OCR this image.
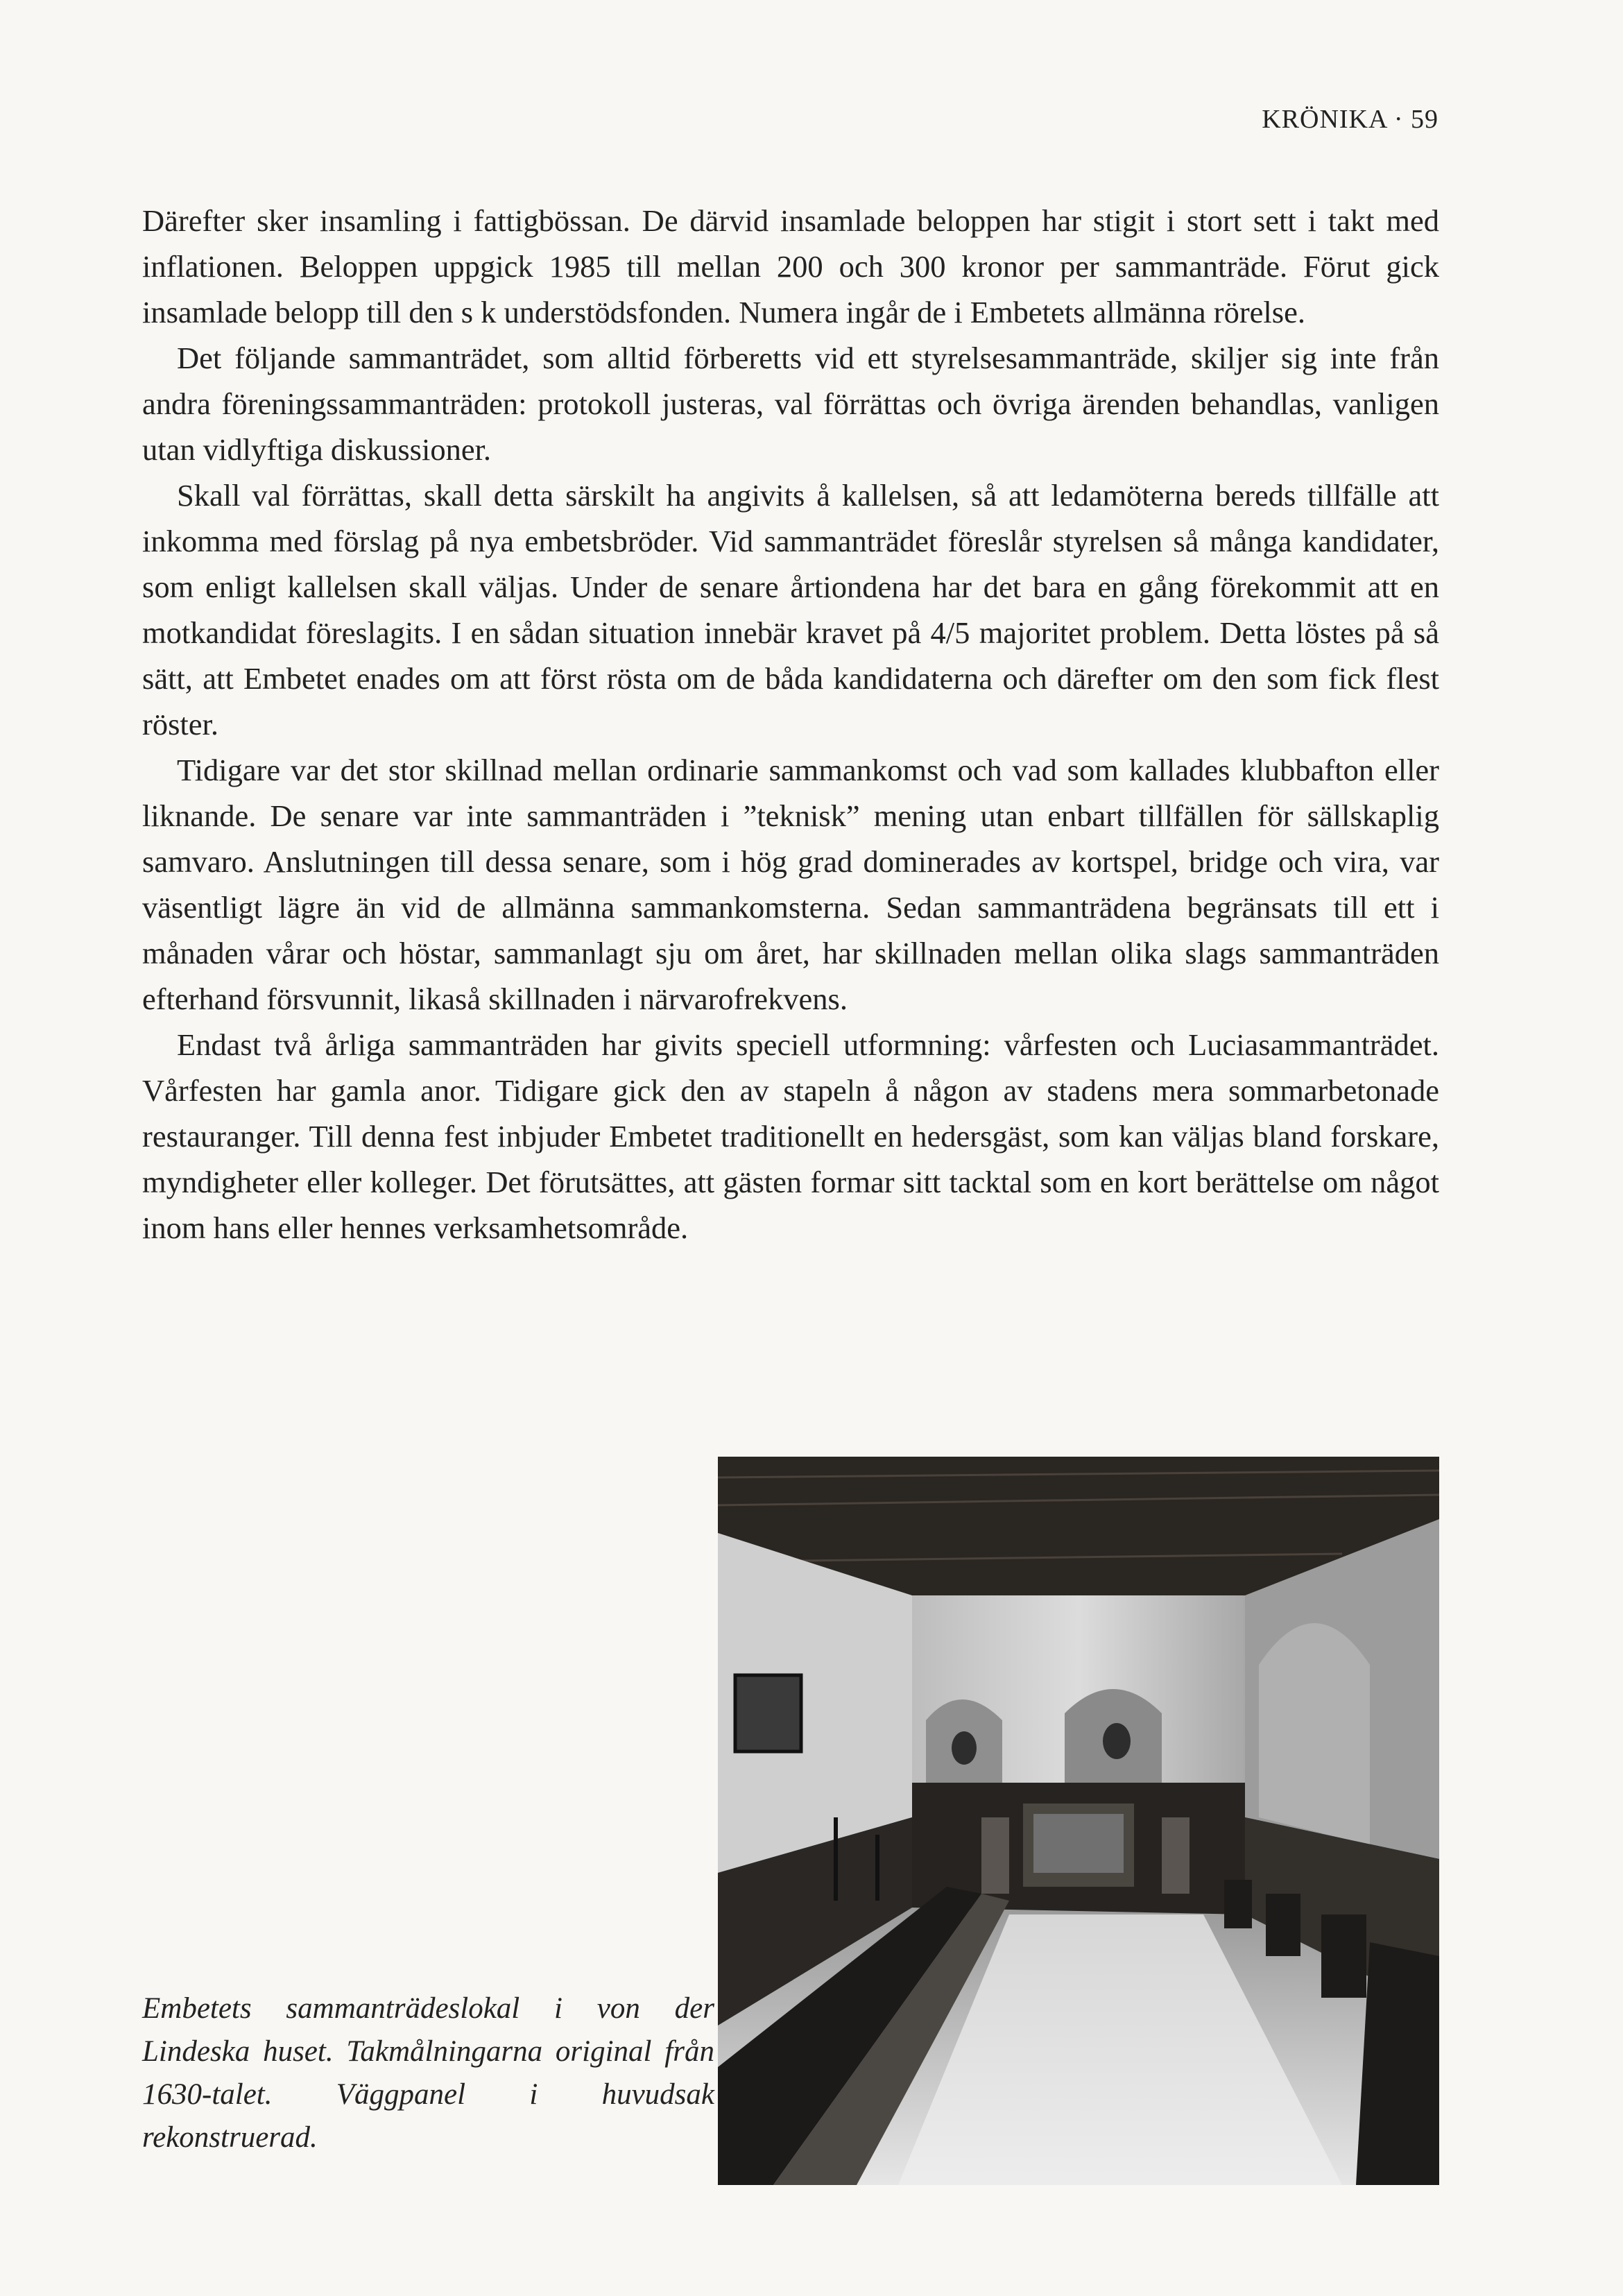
KRÖNIKA · 59

Därefter sker insamling i fattigbössan. De därvid insamlade beloppen har stigit i stort sett i takt med inflationen. Beloppen uppgick 1985 till mellan 200 och 300 kronor per sammanträde. Förut gick insamlade belopp till den s k understödsfonden. Numera ingår de i Embetets allmänna rörelse.

Det följande sammanträdet, som alltid förberetts vid ett styrelsesammanträde, skiljer sig inte från andra föreningssammanträden: protokoll justeras, val förrättas och övriga ärenden behandlas, vanligen utan vidlyftiga diskussioner.

Skall val förrättas, skall detta särskilt ha angivits å kallelsen, så att ledamöterna bereds tillfälle att inkomma med förslag på nya embetsbröder. Vid sammanträdet föreslår styrelsen så många kandidater, som enligt kallelsen skall väljas. Under de senare årtiondena har det bara en gång förekommit att en motkandidat föreslagits. I en sådan situation innebär kravet på 4/5 majoritet problem. Detta löstes på så sätt, att Embetet enades om att först rösta om de båda kandidaterna och därefter om den som fick flest röster.

Tidigare var det stor skillnad mellan ordinarie sammankomst och vad som kallades klubbafton eller liknande. De senare var inte sammanträden i ”teknisk” mening utan enbart tillfällen för sällskaplig samvaro. Anslutningen till dessa senare, som i hög grad dominerades av kortspel, bridge och vira, var väsentligt lägre än vid de allmänna sammankomsterna. Sedan sammanträdena begränsats till ett i månaden vårar och höstar, sammanlagt sju om året, har skillnaden mellan olika slags sammanträden efterhand försvunnit, likaså skillnaden i närvarofrekvens.

Endast två årliga sammanträden har givits speciell utformning: vårfesten och Luciasammanträdet. Vårfesten har gamla anor. Tidigare gick den av stapeln å någon av stadens mera sommarbetonade restauranger. Till denna fest inbjuder Embetet traditionellt en hedersgäst, som kan väljas bland forskare, myndigheter eller kolleger. Det förutsättes, att gästen formar sitt tacktal som en kort berättelse om något inom hans eller hennes verksamhetsområde.

Embetets sammanträdeslokal i von der Lindeska huset. Takmålningarna original från 1630-talet. Väggpanel i huvudsak rekonstruerad.
